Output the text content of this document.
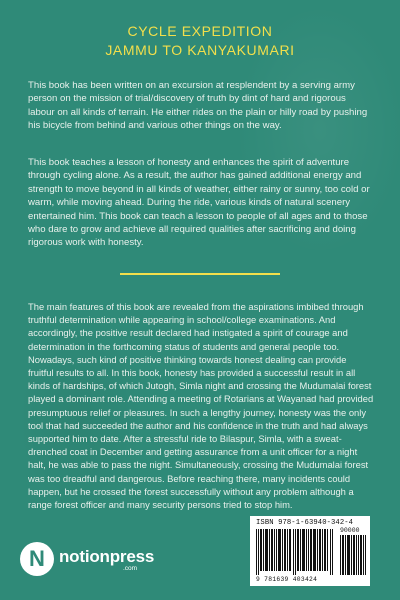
CYCLE EXPEDITION
JAMMU TO KANYAKUMARI

This book has been written on an excursion at resplendent by a serving army person on the mission of trial/discovery of truth by dint of hard and rigorous labour on all kinds of terrain. He either rides on the plain or hilly road by pushing his bicycle from behind and various other things on the way.

This book teaches a lesson of honesty and enhances the spirit of adventure through cycling alone. As a result, the author has gained additional energy and strength to move beyond in all kinds of weather, either rainy or sunny, too cold or warm, while moving ahead. During the ride, various kinds of natural scenery entertained him. This book can teach a lesson to people of all ages and to those who dare to grow and achieve all required qualities after sacrificing and doing rigorous work with honesty.

The main features of this book are revealed from the aspirations imbibed through truthful determination while appearing in school/college examinations. And accordingly, the positive result declared had instigated a spirit of courage and determination in the forthcoming status of students and general people too. Nowadays, such kind of positive thinking towards honest dealing can provide fruitful results to all. In this book, honesty has provided a successful result in all kinds of hardships, of which Jutogh, Simla night and crossing the Mudumalai forest played a dominant role. Attending a meeting of Rotarians at Wayanad had provided presumptuous relief or pleasures. In such a lengthy journey, honesty was the only tool that had succeeded the author and his confidence in the truth and had always supported him to date. After a stressful ride to Bilaspur, Simla, with a sweat-drenched coat in December and getting assurance from a unit officer for a night halt, he was able to pass the night. Simultaneously, crossing the Mudumalai forest was too dreadful and dangerous. Before reaching there, many incidents could happen, but he crossed the forest successfully without any problem although a range forest officer and many security persons tried to stop him.

ISBN 978-1-63940-342-4
90000
9 781639 403424
N notionpress
.com
